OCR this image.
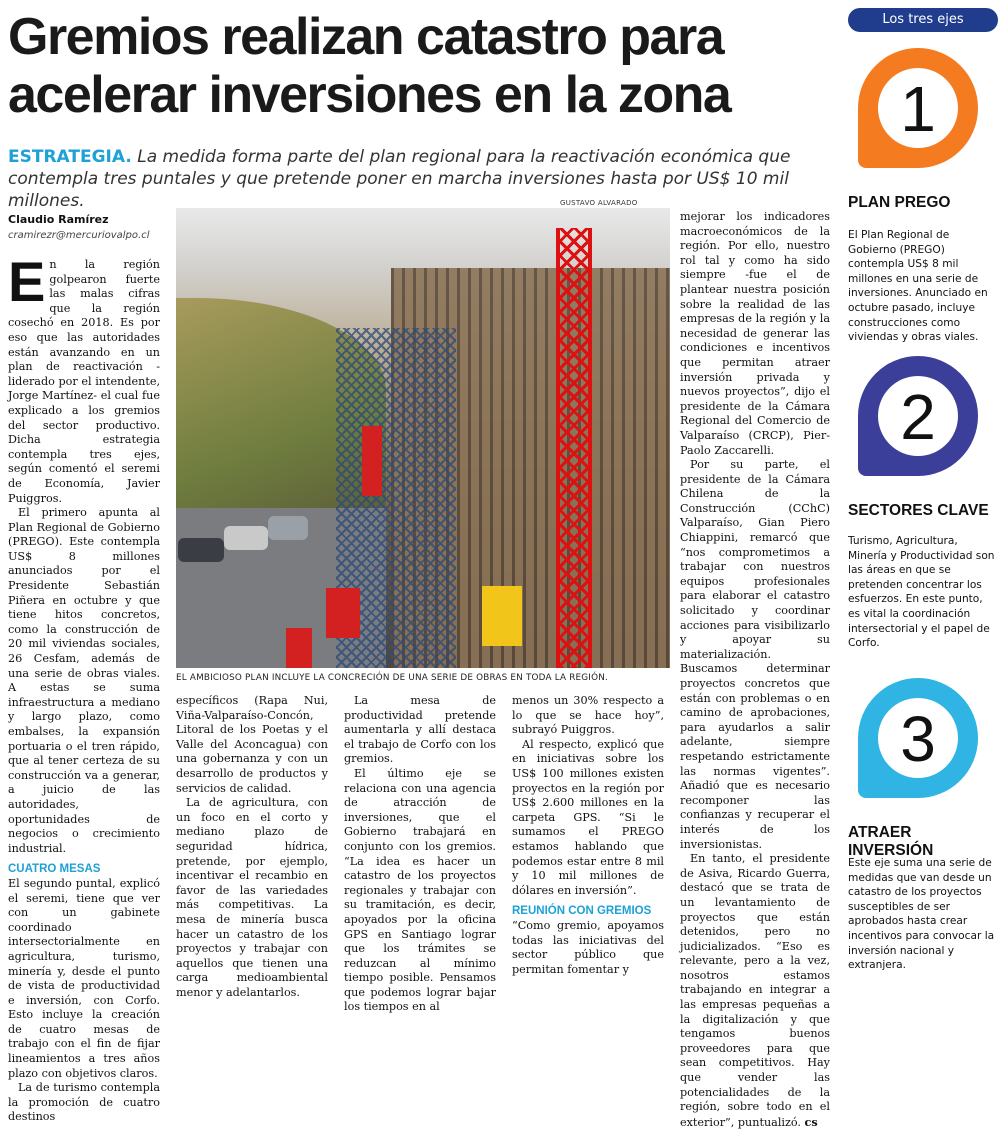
Gremios realizan catastro para
acelerar inversiones en la zona

ESTRATEGIA. La medida forma parte del plan regional para la reactivación económica que contempla tres puntales y que pretende poner en marcha inversiones hasta por US$ 10 mil millones.

Claudio Ramírez
cramirezr@mercuriovalpo.cl

En la región golpearon fuerte las malas cifras que la región cosechó en 2018. Es por eso que las autoridades están avanzando en un plan de reactivación -liderado por el intendente, Jorge Martínez- el cual fue explicado a los gremios del sector productivo. Dicha estrategia contempla tres ejes, según comentó el seremi de Economía, Javier Puiggros.

El primero apunta al Plan Regional de Gobierno (PREGO). Este contempla US$ 8 millones anunciados por el Presidente Sebastián Piñera en octubre y que tiene hitos concretos, como la construcción de 20 mil viviendas sociales, 26 Cesfam, además de una serie de obras viales. A estas se suma infraestructura a mediano y largo plazo, como embalses, la expansión portuaria o el tren rápido, que al tener certeza de su construcción va a generar, a juicio de las autoridades, oportunidades de negocios o crecimiento industrial.

CUATRO MESAS

El segundo puntal, explicó el seremi, tiene que ver con un gabinete coordinado intersectorialmente en agricultura, turismo, minería y, desde el punto de vista de productividad e inversión, con Corfo. Esto incluye la creación de cuatro mesas de trabajo con el fin de fijar lineamientos a tres años plazo con objetivos claros.

La de turismo contempla la promoción de cuatro destinos

GUSTAVO ALVARADO
EL AMBICIOSO PLAN INCLUYE LA CONCRECIÓN DE UNA SERIE DE OBRAS EN TODA LA REGIÓN.

específicos (Rapa Nui, Viña-Valparaíso-Concón, Litoral de los Poetas y el Valle del Aconcagua) con una gobernanza y con un desarrollo de productos y servicios de calidad.

La de agricultura, con un foco en el corto y mediano plazo de seguridad hídrica, pretende, por ejemplo, incentivar el recambio en favor de las variedades más competitivas. La mesa de minería busca hacer un catastro de los proyectos y trabajar con aquellos que tienen una carga medioambiental menor y adelantarlos.

La mesa de productividad pretende aumentarla y allí destaca el trabajo de Corfo con los gremios.

El último eje se relaciona con una agencia de atracción de inversiones, que el Gobierno trabajará en conjunto con los gremios. “La idea es hacer un catastro de los proyectos regionales y trabajar con su tramitación, es decir, apoyados por la oficina GPS en Santiago lograr que los trámites se reduzcan al mínimo tiempo posible. Pensamos que podemos lograr bajar los tiempos en al

menos un 30% respecto a lo que se hace hoy”, subrayó Puiggros.

Al respecto, explicó que en iniciativas sobre los US$ 100 millones existen proyectos en la región por US$ 2.600 millones en la carpeta GPS. “Si le sumamos el PREGO estamos hablando que podemos estar entre 8 mil y 10 mil millones de dólares en inversión”.

REUNIÓN CON GREMIOS

“Como gremio, apoyamos todas las iniciativas del sector público que permitan fomentar y

mejorar los indicadores macroeconómicos de la región. Por ello, nuestro rol tal y como ha sido siempre -fue el de plantear nuestra posición sobre la realidad de las empresas de la región y la necesidad de generar las condiciones e incentivos que permitan atraer inversión privada y nuevos proyectos”, dijo el presidente de la Cámara Regional del Comercio de Valparaíso (CRCP), Pier-Paolo Zaccarelli.

Por su parte, el presidente de la Cámara Chilena de la Construcción (CChC) Valparaíso, Gian Piero Chiappini, remarcó que “nos comprometimos a trabajar con nuestros equipos profesionales para elaborar el catastro solicitado y coordinar acciones para visibilizarlo y apoyar su materialización. Buscamos determinar proyectos concretos que están con problemas o en camino de aprobaciones, para ayudarlos a salir adelante, siempre respetando estrictamente las normas vigentes”. Añadió que es necesario recomponer las confianzas y recuperar el interés de los inversionistas.

En tanto, el presidente de Asiva, Ricardo Guerra, destacó que se trata de un levantamiento de proyectos que están detenidos, pero no judicializados. “Eso es relevante, pero a la vez, nosotros estamos trabajando en integrar a las empresas pequeñas a la digitalización y que tengamos buenos proveedores para que sean competitivos. Hay que vender las potencialidades de la región, sobre todo en el exterior”, puntualizó. cs

Los tres ejes
1
PLAN PREGO
El Plan Regional de Gobierno (PREGO) contempla US$ 8 mil millones en una serie de inversiones. Anunciado en octubre pasado, incluye construcciones como viviendas y obras viales.
2
SECTORES CLAVE
Turismo, Agricultura, Minería y Productividad son las áreas en que se pretenden concentrar los esfuerzos. En este punto, es vital la coordinación intersectorial y el papel de Corfo.
3
ATRAER INVERSIÓN
Este eje suma una serie de medidas que van desde un catastro de los proyectos susceptibles de ser aprobados hasta crear incentivos para convocar la inversión nacional y extranjera.
